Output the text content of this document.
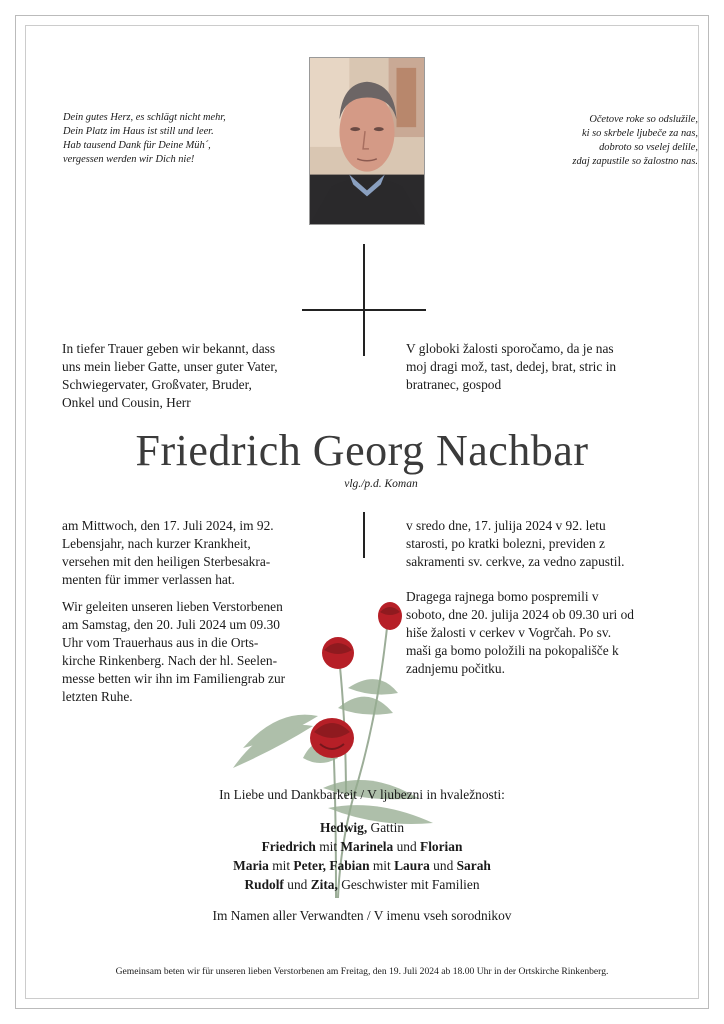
Dein gutes Herz, es schlägt nicht mehr,
Dein Platz im Haus ist still und leer.
Hab tausend Dank für Deine Müh´,
vergessen werden wir Dich nie!
Očetove roke so odslužile,
ki so skrbele ljubeče za nas,
dobroto so vselej delile,
zdaj zapustile so žalostno nas.
In tiefer Trauer geben wir bekannt, dass
uns mein lieber Gatte, unser guter Vater,
Schwiegervater, Großvater, Bruder,
Onkel und Cousin, Herr
V globoki žalosti sporočamo, da je nas
moj dragi mož, tast, dedej, brat, stric in
bratranec, gospod
Friedrich Georg Nachbar
vlg./p.d. Koman
am Mittwoch, den 17. Juli 2024, im 92.
Lebensjahr, nach kurzer Krankheit,
versehen mit den heiligen Sterbesakra-
menten für immer verlassen hat.
Wir geleiten unseren lieben Verstorbenen
am Samstag, den 20. Juli 2024 um 09.30
Uhr vom Trauerhaus aus in die Orts-
kirche Rinkenberg. Nach der hl. Seelen-
messe betten wir ihn im Familiengrab zur
letzten Ruhe.
v sredo dne, 17. julija 2024 v 92. letu
starosti, po kratki bolezni, previden z
sakramenti sv. cerkve, za vedno zapustil.
Dragega rajnega bomo pospremili v
soboto, dne 20. julija 2024 ob 09.30 uri od
hiše žalosti v cerkev v Vogrčah. Po sv.
maši ga bomo položili na pokopališče k
zadnjemu počitku.
In Liebe und Dankbarkeit / V ljubezni in hvaležnosti:
Hedwig, Gattin
Friedrich mit Marinela und Florian
Maria mit Peter, Fabian mit Laura und Sarah
Rudolf und Zita, Geschwister mit Familien
Im Namen aller Verwandten / V imenu vseh sorodnikov
Gemeinsam beten wir für unseren lieben Verstorbenen am Freitag, den 19. Juli 2024 ab 18.00 Uhr in der Ortskirche Rinkenberg.
